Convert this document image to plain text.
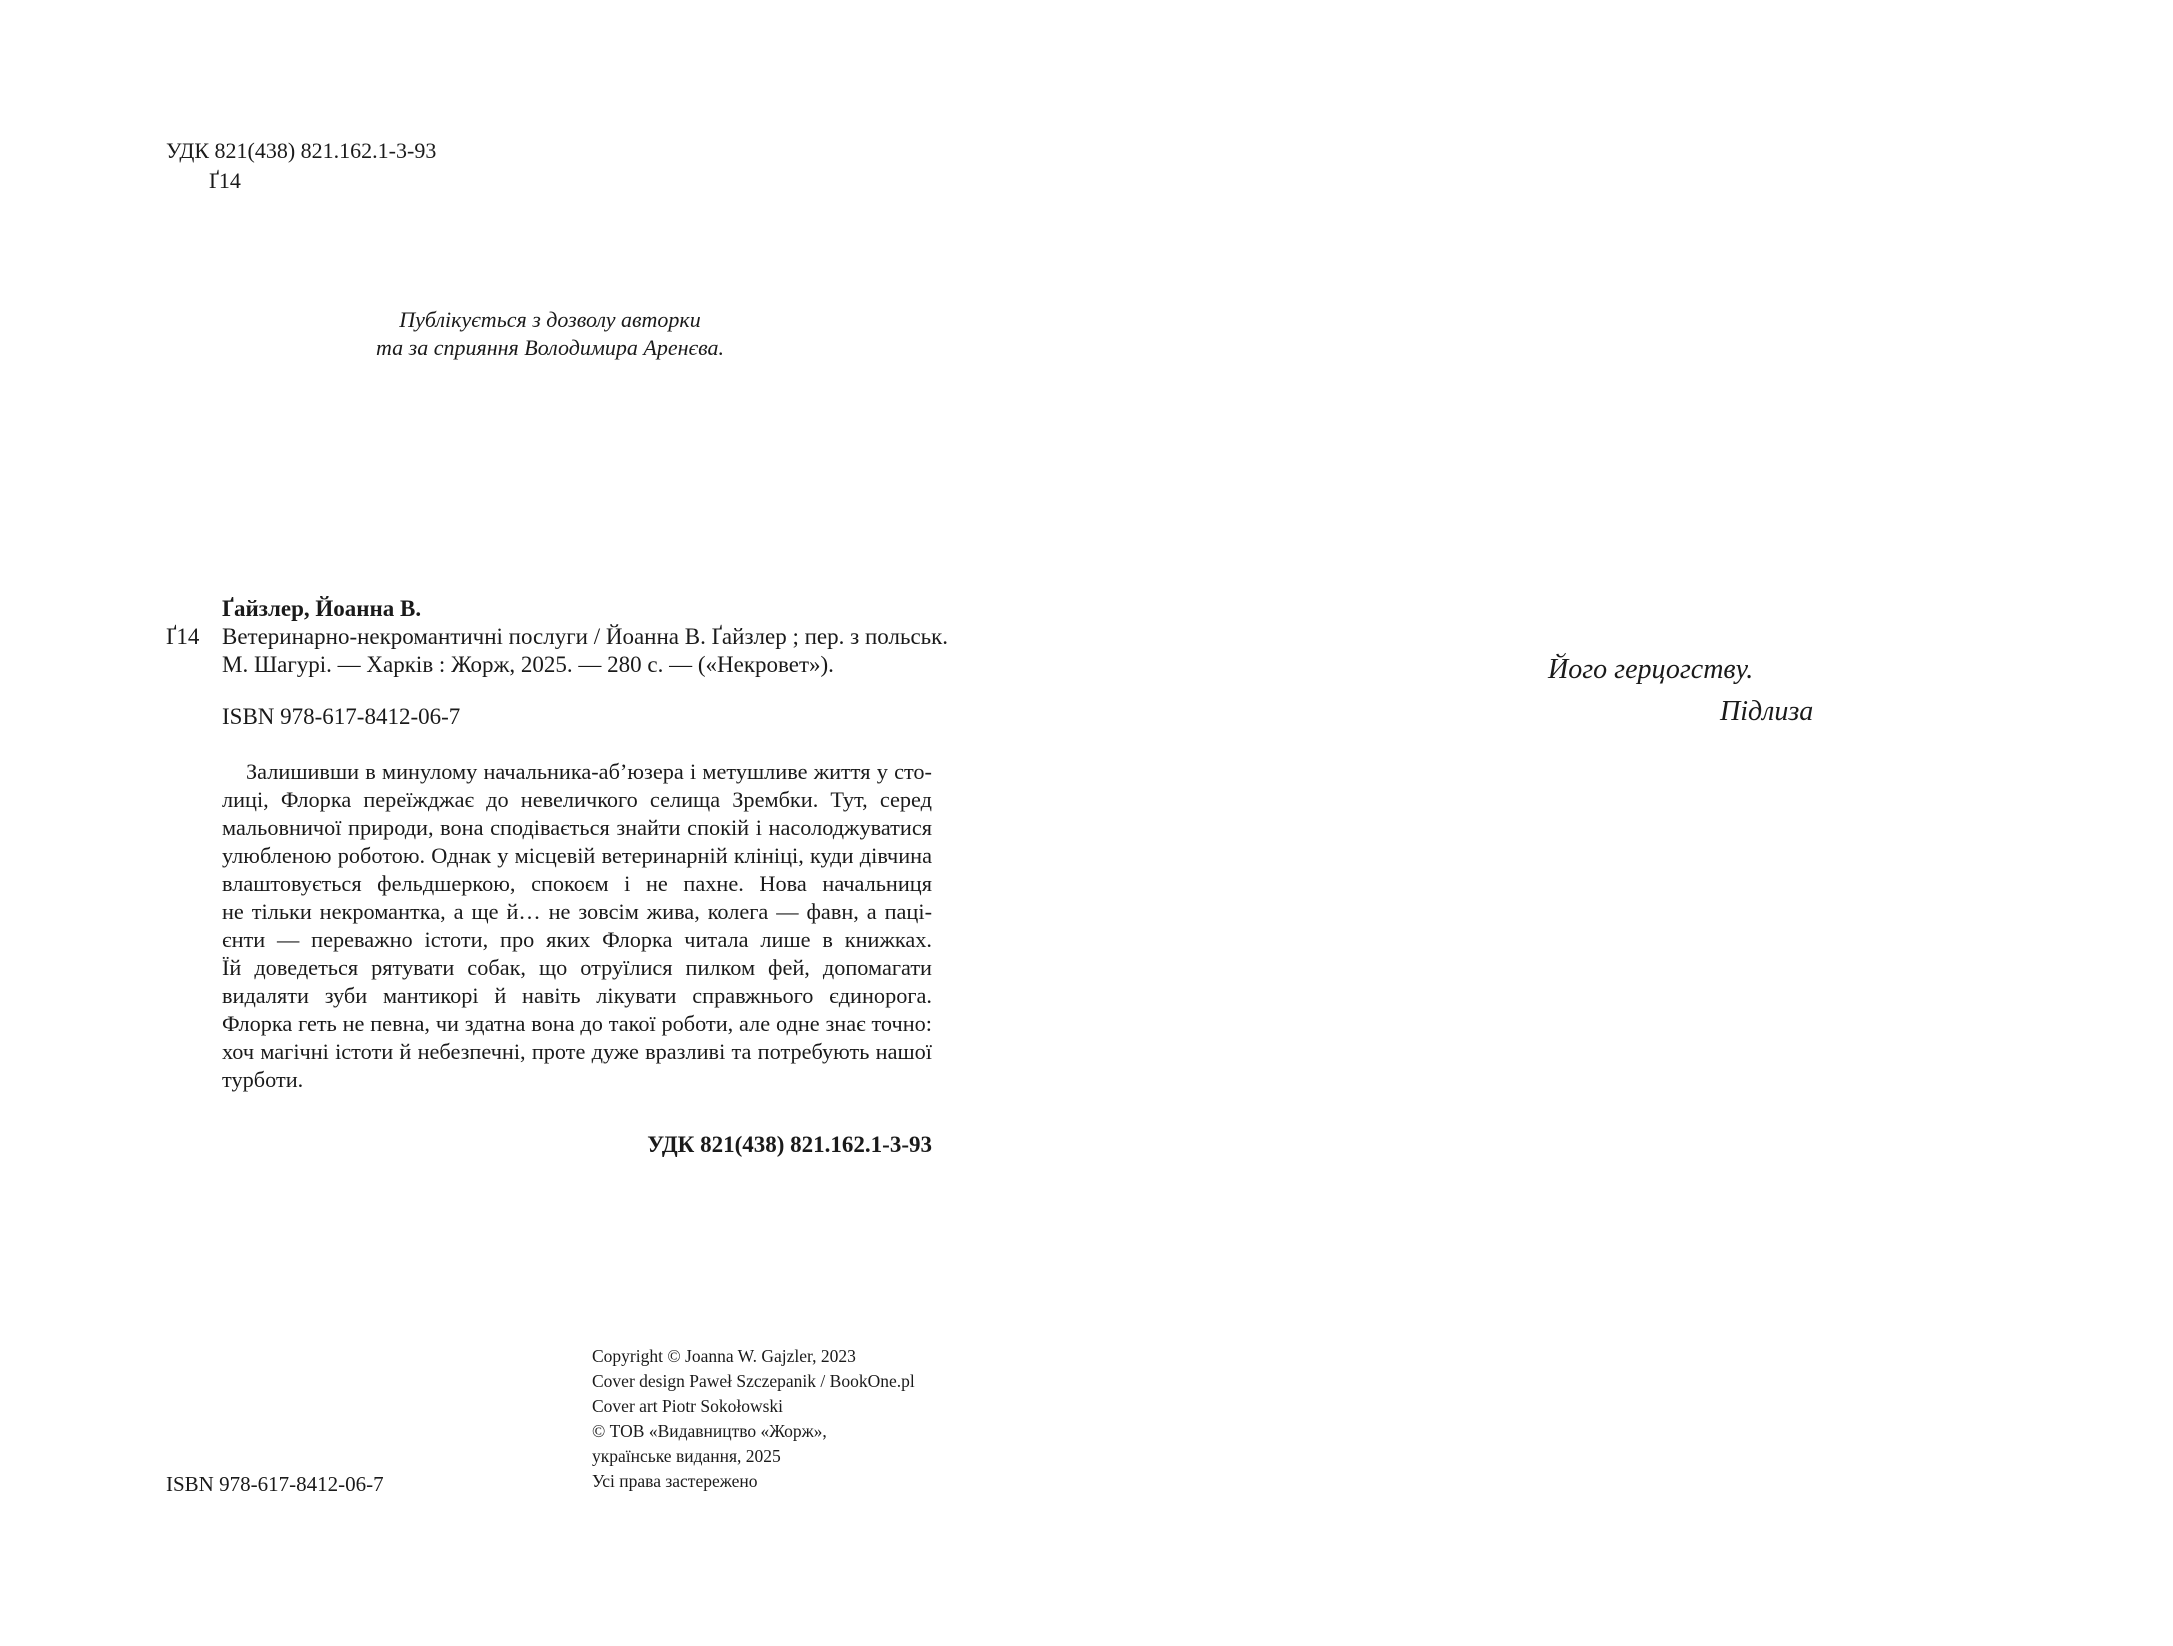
УДК 821(438) 821.162.1-3-93
Ґ14
Публікується з дозволу авторки
та за сприяння Володимира Аренєва.
Ґайзлер, Йоанна В.
Ґ14 Ветеринарно-некромантичні послуги / Йоанна В. Ґайзлер ; пер. з польськ.
М. Шагурі. — Харків : Жорж, 2025. — 280 с. — («Некровет»).
ISBN 978-617-8412-06-7
Залишивши в минулому начальника-аб’юзера і метушливе життя у сто-
лиці, Флорка переїжджає до невеличкого селища Зрембки. Тут, серед
мальовничої природи, вона сподівається знайти спокій і насолоджуватися
улюбленою роботою. Однак у місцевій ветеринарній клініці, куди дівчина
влаштовується фельдшеркою, спокоєм і не пахне. Нова начальниця
не тільки некромантка, а ще й… не зовсім жива, колега — фавн, а паці-
єнти — переважно істоти, про яких Флорка читала лише в книжках.
Їй доведеться рятувати собак, що отруїлися пилком фей, допомагати
видаляти зуби мантикорі й навіть лікувати справжнього єдинорога.
Флорка геть не певна, чи здатна вона до такої роботи, але одне знає точно:
хоч магічні істоти й небезпечні, проте дуже вразливі та потребують нашої
турботи.
УДК 821(438) 821.162.1-3-93
Copyright © Joanna W. Gajzler, 2023
Cover design Paweł Szczepanik / BookOne.pl
Cover art Piotr Sokołowski
© ТОВ «Видавництво «Жорж»,
українське видання, 2025
Усі права застережено
ISBN 978-617-8412-06-7
Його герцогству.
Підлиза
